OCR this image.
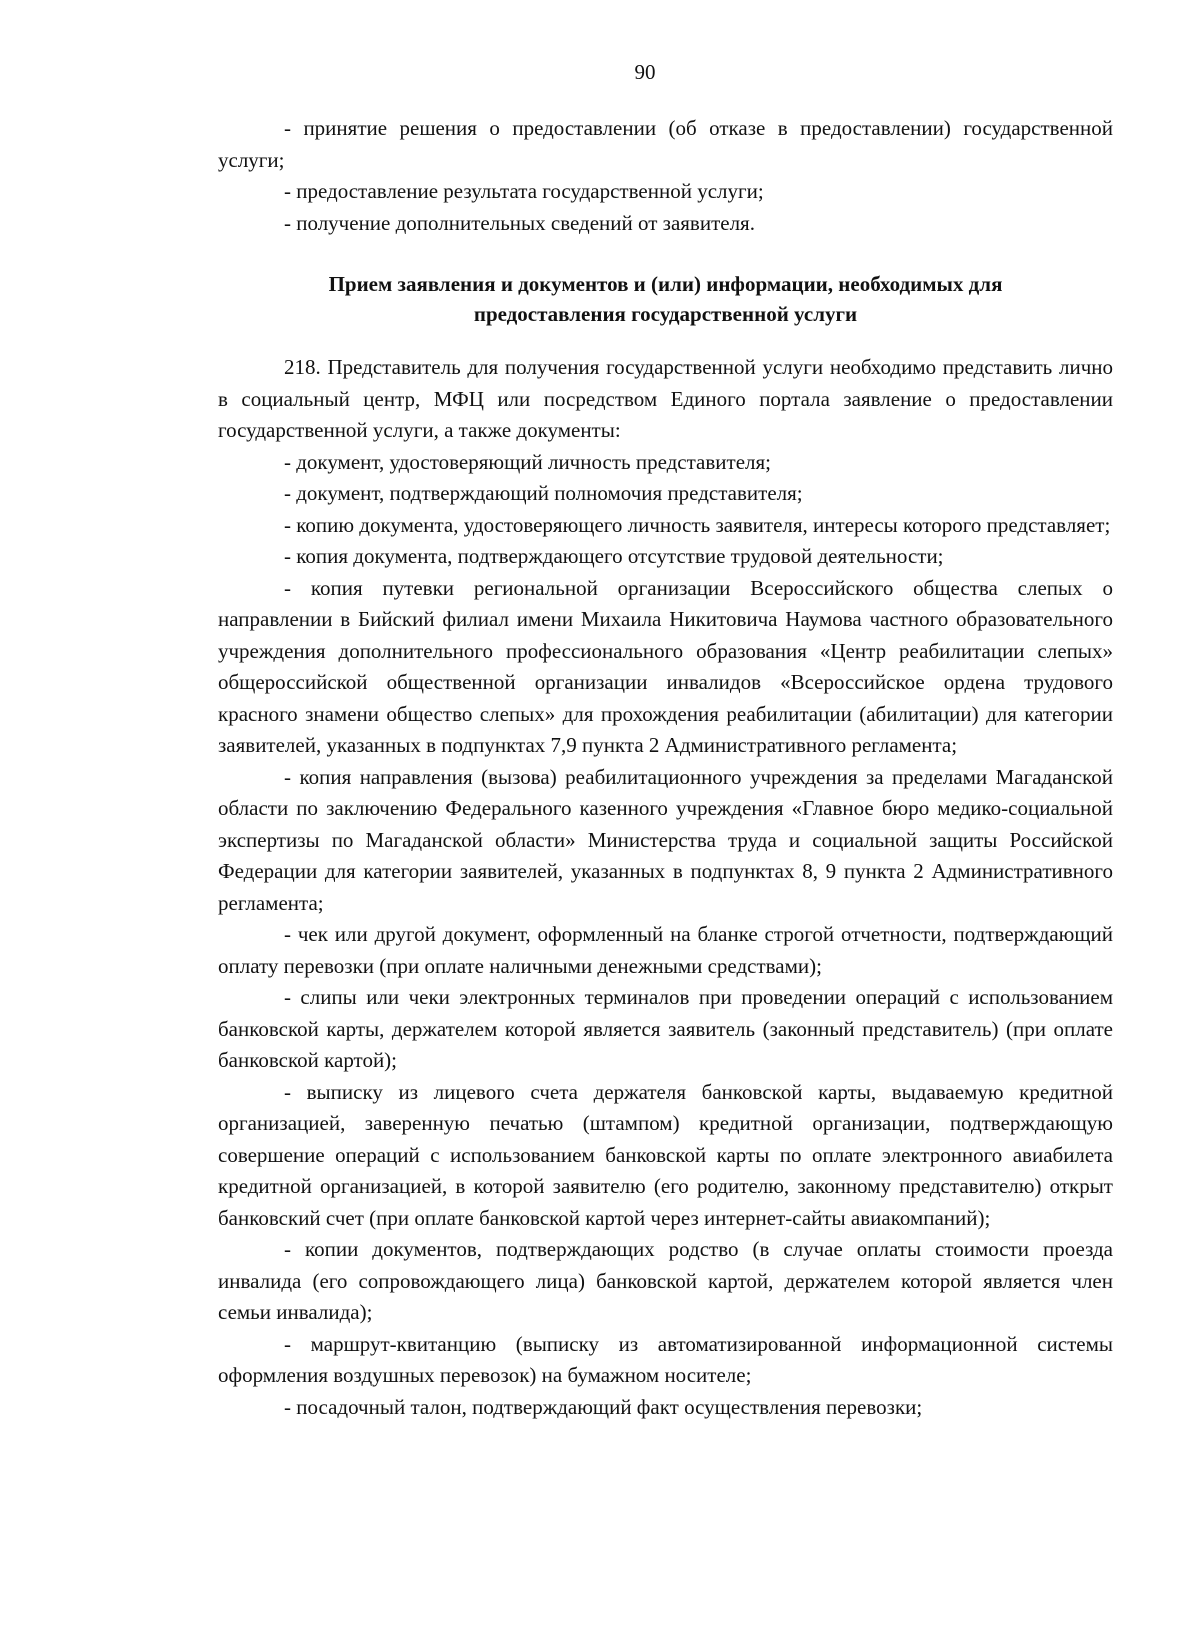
90

- принятие решения о предоставлении (об отказе в предоставлении) государственной услуги;

- предоставление результата государственной услуги;

- получение дополнительных сведений от заявителя.

Прием заявления и документов и (или) информации, необходимых для
предоставления государственной услуги

218. Представитель для получения государственной услуги необходимо представить лично в социальный центр, МФЦ или посредством Единого портала заявление о предоставлении государственной услуги, а также документы:

- документ, удостоверяющий личность представителя;

- документ, подтверждающий полномочия представителя;

- копию документа, удостоверяющего личность заявителя, интересы которого представляет;

- копия документа, подтверждающего отсутствие трудовой деятельности;

- копия путевки региональной организации Всероссийского общества слепых о направлении в Бийский филиал имени Михаила Никитовича Наумова частного образовательного учреждения дополнительного профессионального образования «Центр реабилитации слепых» общероссийской общественной организации инвалидов «Всероссийское ордена трудового красного знамени общество слепых» для прохождения реабилитации (абилитации) для категории заявителей, указанных в подпунктах 7,9 пункта 2 Административного регламента;

- копия направления (вызова) реабилитационного учреждения за пределами Магаданской области по заключению Федерального казенного учреждения «Главное бюро медико-социальной экспертизы по Магаданской области» Министерства труда и социальной защиты Российской Федерации для категории заявителей, указанных в подпунктах 8, 9 пункта 2 Административного регламента;

- чек или другой документ, оформленный на бланке строгой отчетности, подтверждающий оплату перевозки (при оплате наличными денежными средствами);

- слипы или чеки электронных терминалов при проведении операций с использованием банковской карты, держателем которой является заявитель (законный представитель) (при оплате банковской картой);

- выписку из лицевого счета держателя банковской карты, выдаваемую кредитной организацией, заверенную печатью (штампом) кредитной организации, подтверждающую совершение операций с использованием банковской карты по оплате электронного авиабилета кредитной организацией, в которой заявителю (его родителю, законному представителю) открыт банковский счет (при оплате банковской картой через интернет-сайты авиакомпаний);

- копии документов, подтверждающих родство (в случае оплаты стоимости проезда инвалида (его сопровождающего лица) банковской картой, держателем которой является член семьи инвалида);

- маршрут-квитанцию (выписку из автоматизированной информационной системы оформления воздушных перевозок) на бумажном носителе;

- посадочный талон, подтверждающий факт осуществления перевозки;
